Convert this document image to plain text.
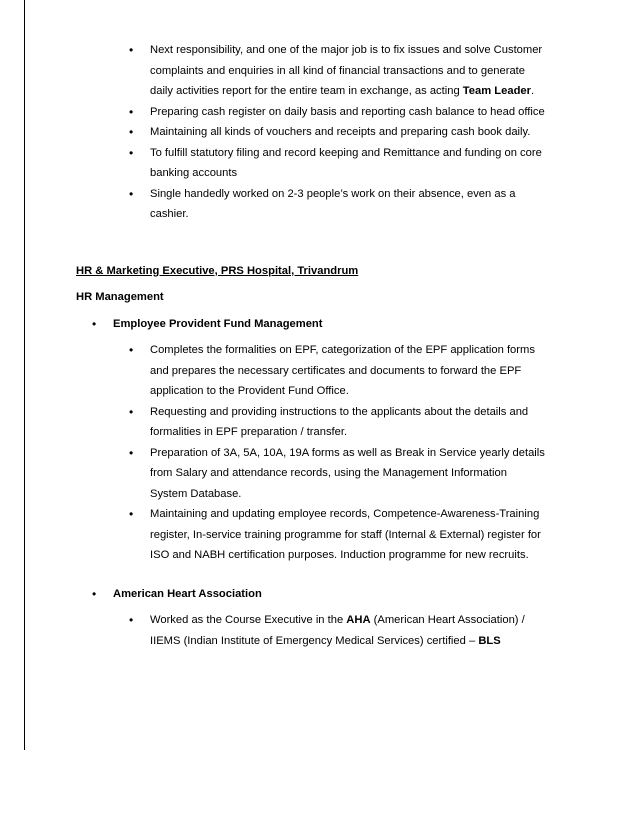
• Next responsibility, and one of the major job is to fix issues and solve Customer complaints and enquiries in all kind of financial transactions and to generate daily activities report for the entire team in exchange, as acting Team Leader.
• Preparing cash register on daily basis and reporting cash balance to head office
• Maintaining all kinds of vouchers and receipts and preparing cash book daily.
• To fulfill statutory filing and record keeping and Remittance and funding on core banking accounts
• Single handedly worked on 2-3 people’s work on their absence, even as a cashier.
HR & Marketing Executive, PRS Hospital, Trivandrum
HR Management
• Employee Provident Fund Management
• Completes the formalities on EPF, categorization of the EPF application forms and prepares the necessary certificates and documents to forward the EPF application to the Provident Fund Office.
• Requesting and providing instructions to the applicants about the details and formalities in EPF preparation / transfer.
• Preparation of 3A, 5A, 10A, 19A forms as well as Break in Service yearly details from Salary and attendance records, using the Management Information System Database.
• Maintaining and updating employee records, Competence-Awareness-Training register, In-service training programme for staff (Internal & External) register for ISO and NABH certification purposes. Induction programme for new recruits.
• American Heart Association
• Worked as the Course Executive in the AHA (American Heart Association) / IIEMS (Indian Institute of Emergency Medical Services) certified – BLS
